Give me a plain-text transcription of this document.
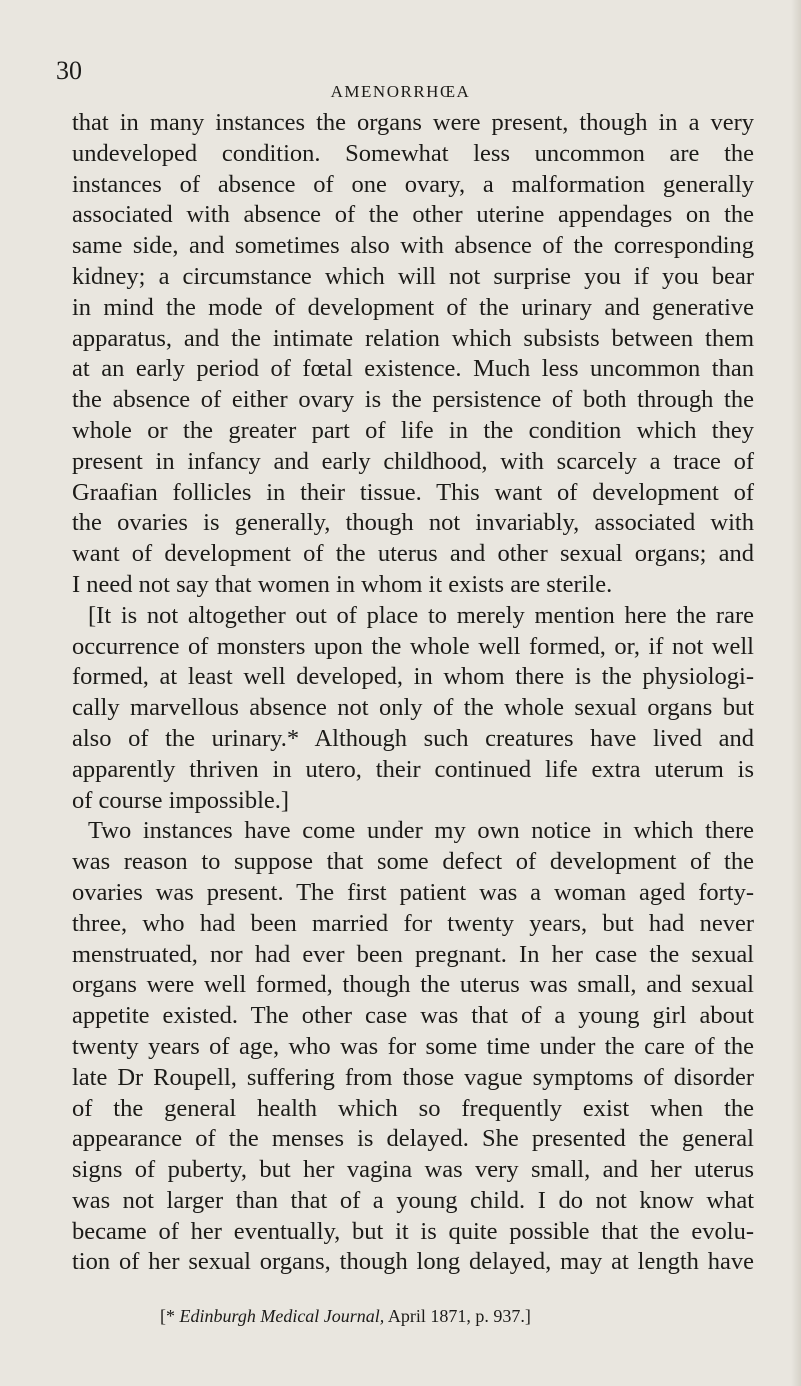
30
AMENORRHŒA
that in many instances the organs were present, though in a very
undeveloped condition. Somewhat less uncommon are the
instances of absence of one ovary, a malformation generally
associated with absence of the other uterine appendages on the
same side, and sometimes also with absence of the corresponding
kidney; a circumstance which will not surprise you if you bear
in mind the mode of development of the urinary and generative
apparatus, and the intimate relation which subsists between them
at an early period of fœtal existence. Much less uncommon than
the absence of either ovary is the persistence of both through the
whole or the greater part of life in the condition which they
present in infancy and early childhood, with scarcely a trace of
Graafian follicles in their tissue. This want of development of
the ovaries is generally, though not invariably, associated with
want of development of the uterus and other sexual organs; and
I need not say that women in whom it exists are sterile.
[It is not altogether out of place to merely mention here the rare
occurrence of monsters upon the whole well formed, or, if not well
formed, at least well developed, in whom there is the physiologi-
cally marvellous absence not only of the whole sexual organs but
also of the urinary.* Although such creatures have lived and
apparently thriven in utero, their continued life extra uterum is
of course impossible.]
Two instances have come under my own notice in which there
was reason to suppose that some defect of development of the
ovaries was present. The first patient was a woman aged forty-
three, who had been married for twenty years, but had never
menstruated, nor had ever been pregnant. In her case the sexual
organs were well formed, though the uterus was small, and sexual
appetite existed. The other case was that of a young girl about
twenty years of age, who was for some time under the care of the
late Dr Roupell, suffering from those vague symptoms of disorder
of the general health which so frequently exist when the
appearance of the menses is delayed. She presented the general
signs of puberty, but her vagina was very small, and her uterus
was not larger than that of a young child. I do not know what
became of her eventually, but it is quite possible that the evolu-
tion of her sexual organs, though long delayed, may at length have
[* Edinburgh Medical Journal, April 1871, p. 937.]
